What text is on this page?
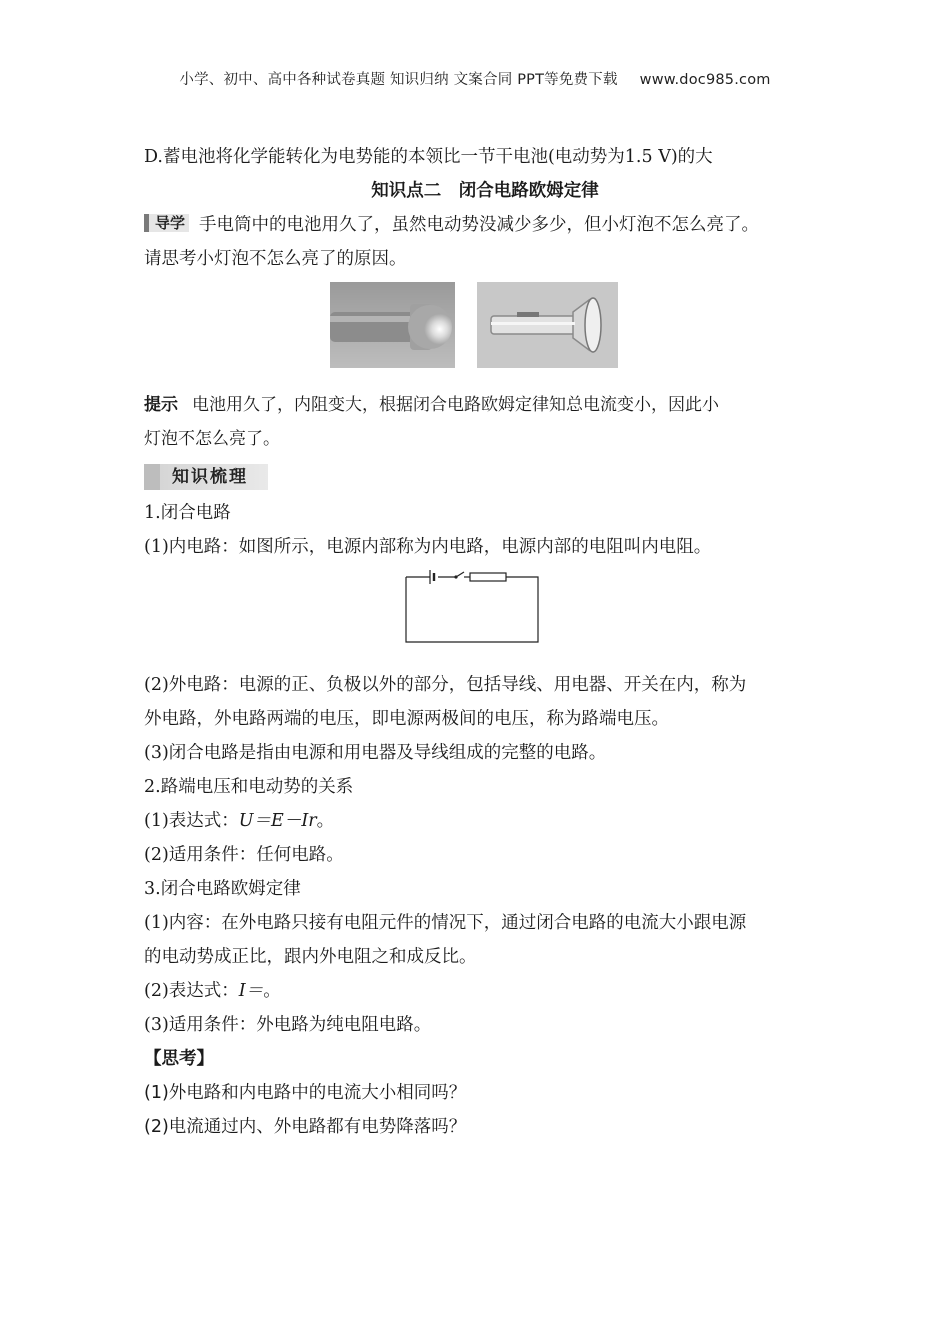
小学、初中、高中各种试卷真题 知识归纳 文案合同 PPT等免费下载 www.doc985.com
D.蓄电池将化学能转化为电势能的本领比一节干电池(电动势为1.5 V)的大
知识点二　闭合电路欧姆定律
导学 手电筒中的电池用久了，虽然电动势没减少多少，但小灯泡不怎么亮了。
请思考小灯泡不怎么亮了的原因。
提示 电池用久了，内阻变大，根据闭合电路欧姆定律知总电流变小，因此小
灯泡不怎么亮了。
知识梳理
1.闭合电路
(1)内电路：如图所示，电源内部称为内电路，电源内部的电阻叫内电阻。
(2)外电路：电源的正、负极以外的部分，包括导线、用电器、开关在内，称为
外电路，外电路两端的电压，即电源两极间的电压，称为路端电压。
(3)闭合电路是指由电源和用电器及导线组成的完整的电路。
2.路端电压和电动势的关系
(1)表达式：U＝E－Ir。
(2)适用条件：任何电路。
3.闭合电路欧姆定律
(1)内容：在外电路只接有电阻元件的情况下，通过闭合电路的电流大小跟电源
的电动势成正比，跟内外电阻之和成反比。
(2)表达式：I＝。
(3)适用条件：外电路为纯电阻电路。
【思考】
(1)外电路和内电路中的电流大小相同吗？
(2)电流通过内、外电路都有电势降落吗？
